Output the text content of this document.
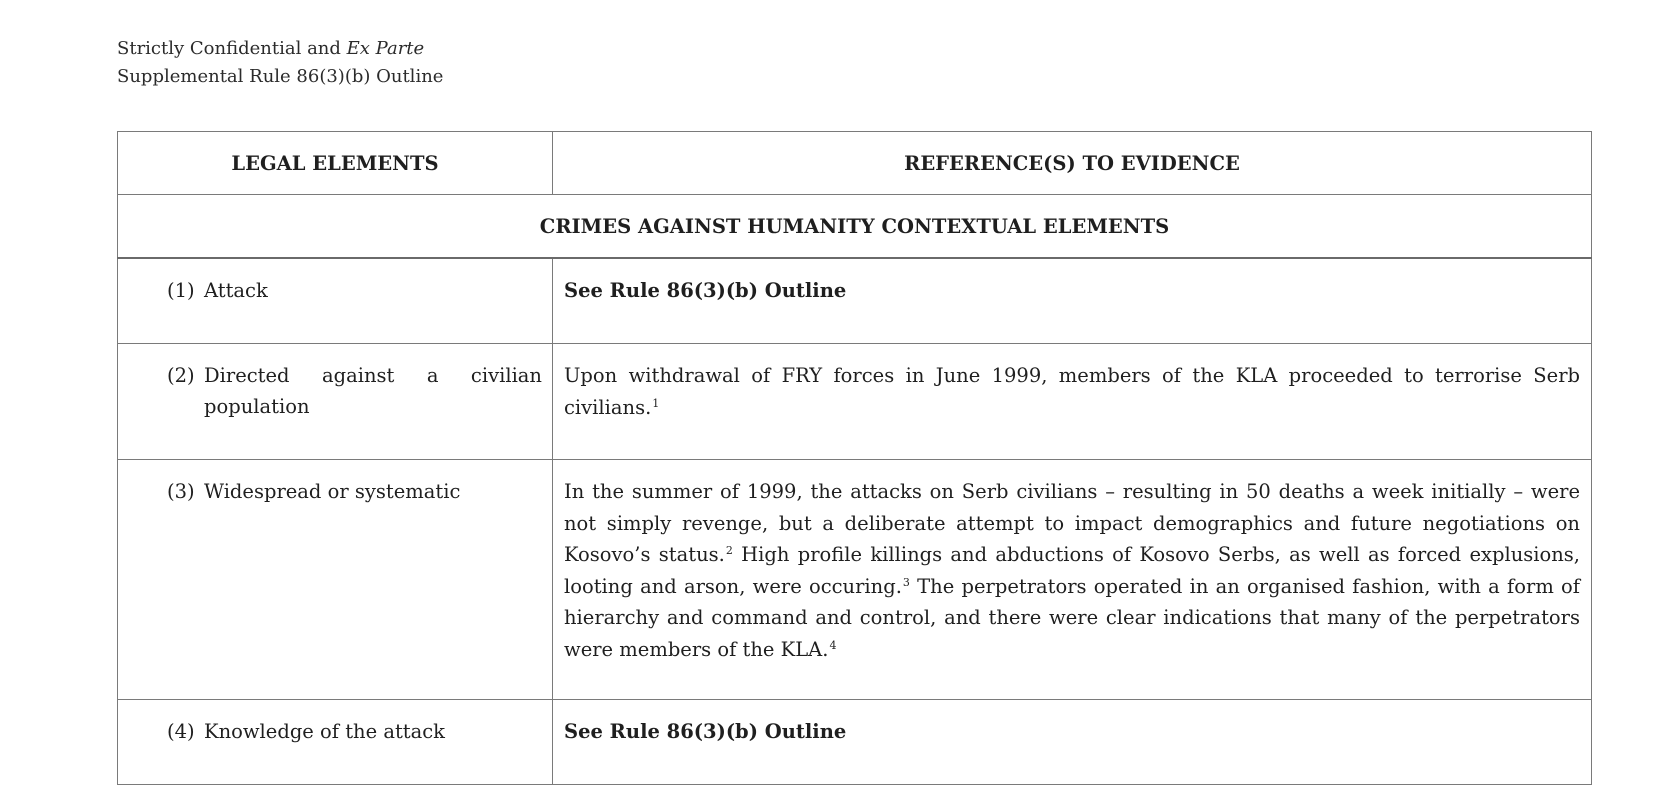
Strictly Confidential and Ex Parte
Supplemental Rule 86(3)(b) Outline
LEGAL ELEMENTS	REFERENCE(S) TO EVIDENCE
CRIMES AGAINST HUMANITY CONTEXTUAL ELEMENTS	

(1) Attack	See Rule 86(3)(b) Outline

(2) Directed against a civilian population	Upon withdrawal of FRY forces in June 1999, members of the KLA proceeded to terrorise Serb civilians.$^1$

(3) Widespread or systematic	In the summer of 1999, the attacks on Serb civilians – resulting in 50 deaths a week initially – were not simply revenge, but a deliberate attempt to impact demographics and future negotiations on Kosovo’s status.$^2$ High profile killings and abductions of Kosovo Serbs, as well as forced explusions, looting and arson, were occuring.$^3$ The perpetrators operated in an organised fashion, with a form of hierarchy and command and control, and there were clear indications that many of the perpetrators were members of the KLA.$^4$

(4) Knowledge of the attack	See Rule 86(3)(b) Outline
